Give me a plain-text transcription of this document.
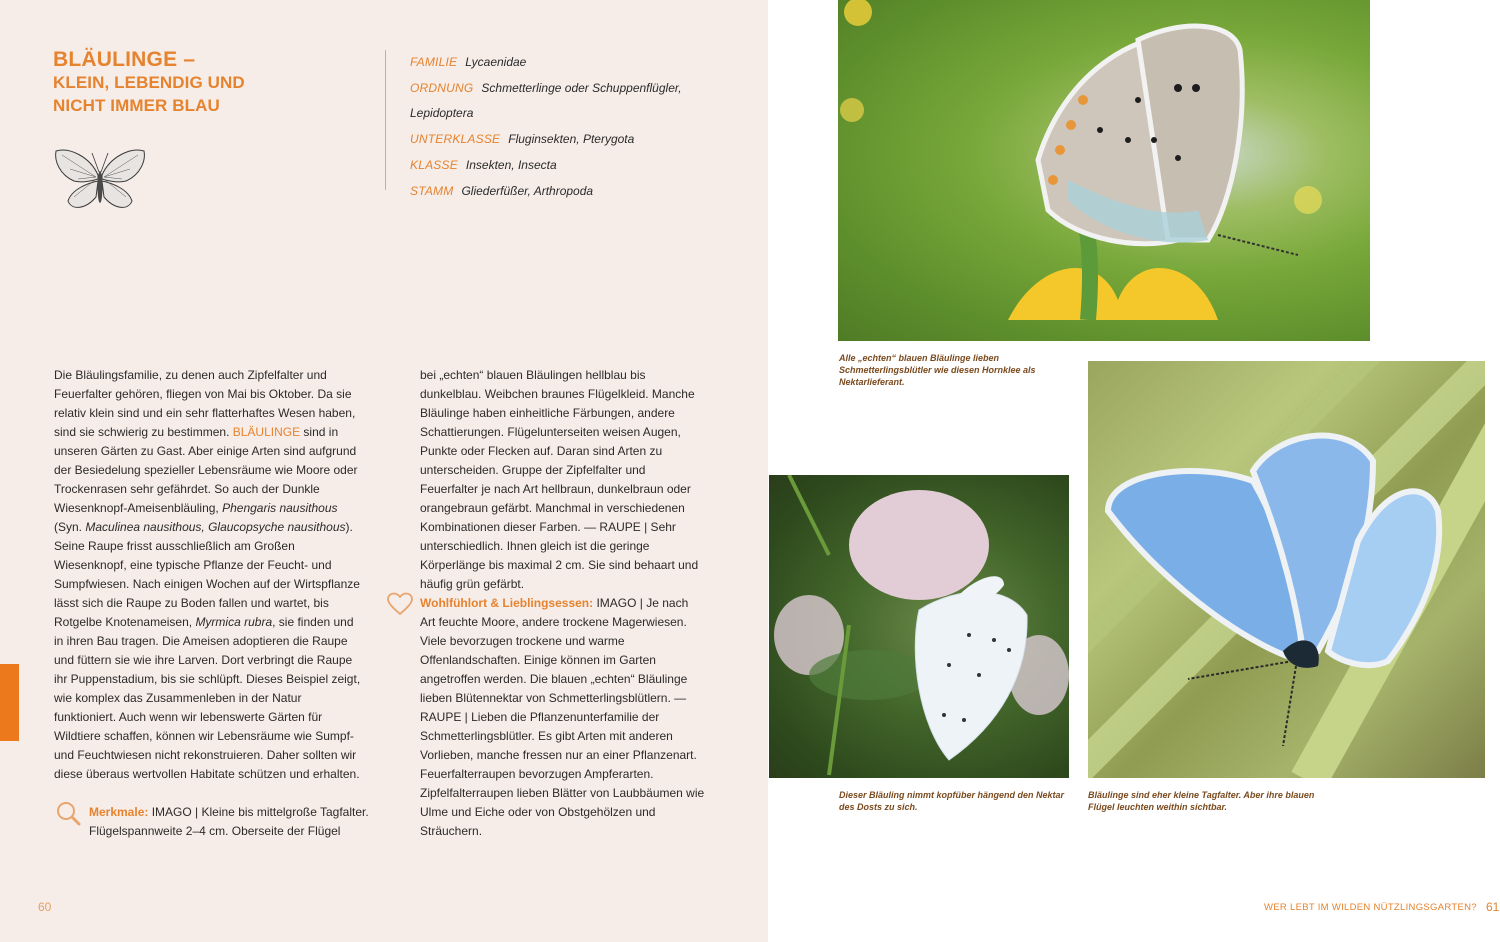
BLÄULINGE –
KLEIN, LEBENDIG UND
NICHT IMMER BLAU
FAMILIE Lycaenidae
ORDNUNG Schmetterlinge oder Schuppenflügler,
Lepidoptera
UNTERKLASSE Fluginsekten, Pterygota
KLASSE Insekten, Insecta
STAMM Gliederfüßer, Arthropoda

Die Bläulingsfamilie, zu denen auch Zipfelfalter und Feuerfalter gehören, fliegen von Mai bis Oktober. Da sie relativ klein sind und ein sehr flatterhaftes Wesen haben, sind sie schwierig zu bestimmen. BLÄULINGE sind in unseren Gärten zu Gast. Aber einige Arten sind aufgrund der Besiedelung spezieller Lebensräume wie Moore oder Trockenrasen sehr gefährdet. So auch der Dunkle Wiesenknopf-Ameisenbläuling, Phengaris nausithous (Syn. Maculinea nausithous, Glaucopsyche nausithous). Seine Raupe frisst ausschließlich am Großen Wiesenknopf, eine typische Pflanze der Feucht- und Sumpfwiesen. Nach einigen Wochen auf der Wirtspflanze lässt sich die Raupe zu Boden fallen und wartet, bis Rotgelbe Knotenameisen, Myrmica rubra, sie finden und in ihren Bau tragen. Die Ameisen adoptieren die Raupe und füttern sie wie ihre Larven. Dort verbringt die Raupe ihr Puppenstadium, bis sie schlüpft. Dieses Beispiel zeigt, wie komplex das Zusammenleben in der Natur funktioniert. Auch wenn wir lebenswerte Gärten für Wildtiere schaffen, können wir Lebensräume wie Sumpf- und Feuchtwiesen nicht rekonstruieren. Daher sollten wir diese überaus wertvollen Habitate schützen und erhalten.

Merkmale: IMAGO | Kleine bis mittelgroße Tagfalter. Flügelspannweite 2–4 cm. Oberseite der Flügel

bei „echten“ blauen Bläulingen hellblau bis dunkelblau. Weibchen braunes Flügelkleid. Manche Bläulinge haben einheitliche Färbungen, andere Schattierungen. Flügelunterseiten weisen Augen, Punkte oder Flecken auf. Daran sind Arten zu unterscheiden. Gruppe der Zipfelfalter und Feuerfalter je nach Art hellbraun, dunkelbraun oder orangebraun gefärbt. Manchmal in verschiedenen Kombinationen dieser Farben. — RAUPE | Sehr unterschiedlich. Ihnen gleich ist die geringe Körperlänge bis maximal 2 cm. Sie sind behaart und häufig grün gefärbt.

Wohlfühlort & Lieblingsessen: IMAGO | Je nach Art feuchte Moore, andere trockene Magerwiesen. Viele bevorzugen trockene und warme Offenlandschaften. Einige können im Garten angetroffen werden. Die blauen „echten“ Bläulinge lieben Blütennektar von Schmetterlingsblütlern. — RAUPE | Lieben die Pflanzenunterfamilie der Schmetterlingsblütler. Es gibt Arten mit anderen Vorlieben, manche fressen nur an einer Pflanzenart. Feuerfalterraupen bevorzugen Ampferarten. Zipfelfalterraupen lieben Blätter von Laubbäumen wie Ulme und Eiche oder von Obstgehölzen und Sträuchern.
60
Alle „echten“ blauen Bläulinge lieben Schmetterlingsblütler wie diesen Hornklee als Nektarlieferant.
Dieser Bläuling nimmt kopfüber hängend den Nektar des Dosts zu sich.
Bläulinge sind eher kleine Tagfalter. Aber ihre blauen Flügel leuchten weithin sichtbar.
WER LEBT IM WILDEN NÜTZLINGSGARTEN? 61
